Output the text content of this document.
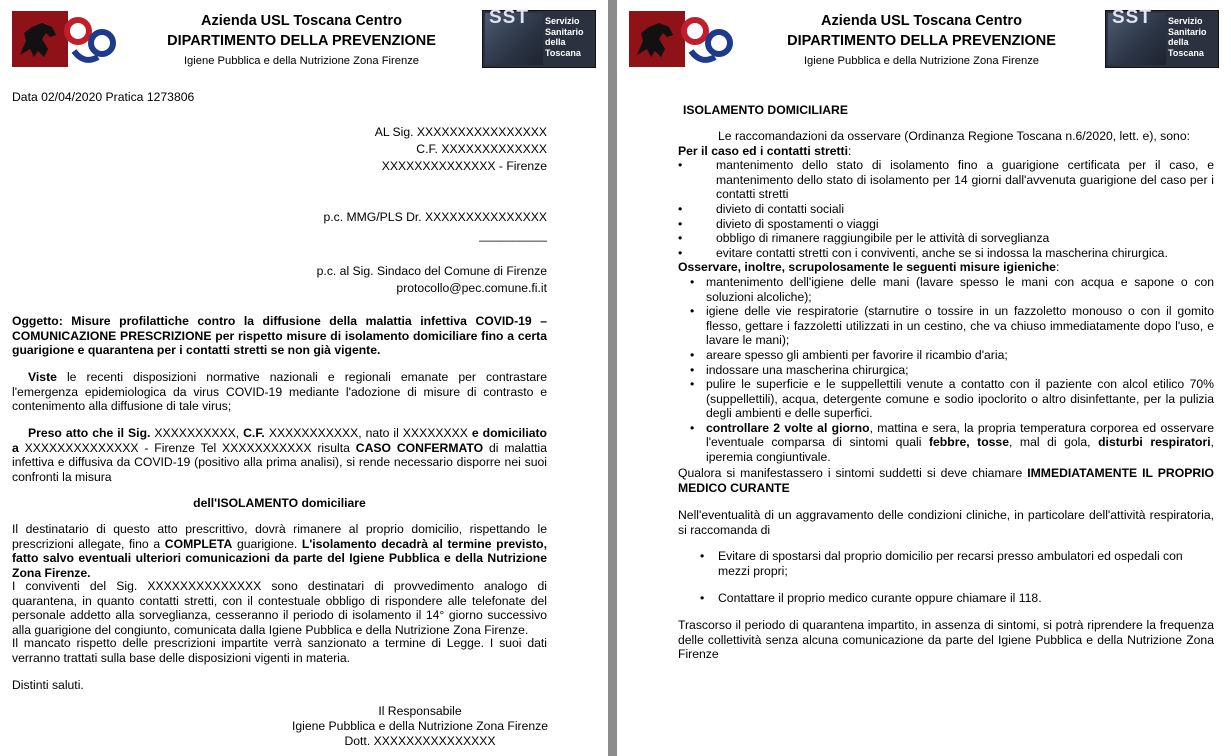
Azienda USL Toscana Centro
DIPARTIMENTO DELLA PREVENZIONE
Igiene Pubblica e della Nutrizione Zona Firenze
SST Servizio Sanitario della Toscana
Data 02/04/2020 Pratica 1273806
AL Sig. XXXXXXXXXXXXXXXX
C.F. XXXXXXXXXXXXX
XXXXXXXXXXXXXX - Firenze
p.c. MMG/PLS Dr. XXXXXXXXXXXXXXX
__________
p.c. al Sig. Sindaco del Comune di Firenze
protocollo@pec.comune.fi.it
Oggetto: Misure profilattiche contro la diffusione della malattia infettiva COVID-19 – COMUNICAZIONE PRESCRIZIONE per rispetto misure di isolamento domiciliare fino a certa guarigione e quarantena per i contatti stretti se non già vigente.
Viste le recenti disposizioni normative nazionali e regionali emanate per contrastare l'emergenza epidemiologica da virus COVID-19 mediante l'adozione di misure di contrasto e contenimento alla diffusione di tale virus;
Preso atto che il Sig. XXXXXXXXXX, C.F. XXXXXXXXXXX, nato il XXXXXXXX e domiciliato a XXXXXXXXXXXXXX - Firenze Tel XXXXXXXXXXX risulta CASO CONFERMATO di malattia infettiva e diffusiva da COVID-19 (positivo alla prima analisi), si rende necessario disporre nei suoi confronti la misura
dell'ISOLAMENTO domiciliare
Il destinatario di questo atto prescrittivo, dovrà rimanere al proprio domicilio, rispettando le prescrizioni allegate, fino a COMPLETA guarigione. L'isolamento decadrà al termine previsto, fatto salvo eventuali ulteriori comunicazioni da parte del Igiene Pubblica e della Nutrizione Zona Firenze.
I conviventi del Sig. XXXXXXXXXXXXXX sono destinatari di provvedimento analogo di quarantena, in quanto contatti stretti, con il contestuale obbligo di rispondere alle telefonate del personale addetto alla sorveglianza, cesseranno il periodo di isolamento il 14° giorno successivo alla guarigione del congiunto, comunicata dalla Igiene Pubblica e della Nutrizione Zona Firenze.
Il mancato rispetto delle prescrizioni impartite verrà sanzionato a termine di Legge. I suoi dati verranno trattati sulla base delle disposizioni vigenti in materia.
Distinti saluti.
Il Responsabile
Igiene Pubblica e della Nutrizione Zona Firenze
Dott. XXXXXXXXXXXXXXX
Azienda USL Toscana Centro
DIPARTIMENTO DELLA PREVENZIONE
Igiene Pubblica e della Nutrizione Zona Firenze
SST Servizio Sanitario della Toscana
ISOLAMENTO DOMICILIARE
Le raccomandazioni da osservare (Ordinanza Regione Toscana n.6/2020, lett. e), sono:
Per il caso ed i contatti stretti:
•	mantenimento dello stato di isolamento fino a guarigione certificata per il caso, e mantenimento dello stato di isolamento per 14 giorni dall'avvenuta guarigione del caso per i contatti stretti
•	divieto di contatti sociali
•	divieto di spostamenti o viaggi
•	obbligo di rimanere raggiungibile per le attività di sorveglianza
•	evitare contatti stretti con i conviventi, anche se si indossa la mascherina chirurgica.
Osservare, inoltre, scrupolosamente le seguenti misure igieniche:
• mantenimento dell'igiene delle mani (lavare spesso le mani con acqua e sapone o con soluzioni alcoliche);
• igiene delle vie respiratorie (starnutire o tossire in un fazzoletto monouso o con il gomito flesso, gettare i fazzoletti utilizzati in un cestino, che va chiuso immediatamente dopo l'uso, e lavare le mani);
• areare spesso gli ambienti per favorire il ricambio d'aria;
• indossare una mascherina chirurgica;
• pulire le superficie e le suppellettili venute a contatto con il paziente con alcol etilico 70% (suppellettili), acqua, detergente comune e sodio ipoclorito o altro disinfettante, per la pulizia degli ambienti e delle superfici.
• controllare 2 volte al giorno, mattina e sera, la propria temperatura corporea ed osservare l'eventuale comparsa di sintomi quali febbre, tosse, mal di gola, disturbi respiratori, iperemia congiuntivale.
Qualora si manifestassero i sintomi suddetti si deve chiamare IMMEDIATAMENTE IL PROPRIO MEDICO CURANTE
Nell'eventualità di un aggravamento delle condizioni cliniche, in particolare dell'attività respiratoria, si raccomanda di
• Evitare di spostarsi dal proprio domicilio per recarsi presso ambulatori ed ospedali con mezzi propri;
• Contattare il proprio medico curante oppure chiamare il 118.
Trascorso il periodo di quarantena impartito, in assenza di sintomi, si potrà riprendere la frequenza delle collettività senza alcuna comunicazione da parte del Igiene Pubblica e della Nutrizione Zona Firenze
